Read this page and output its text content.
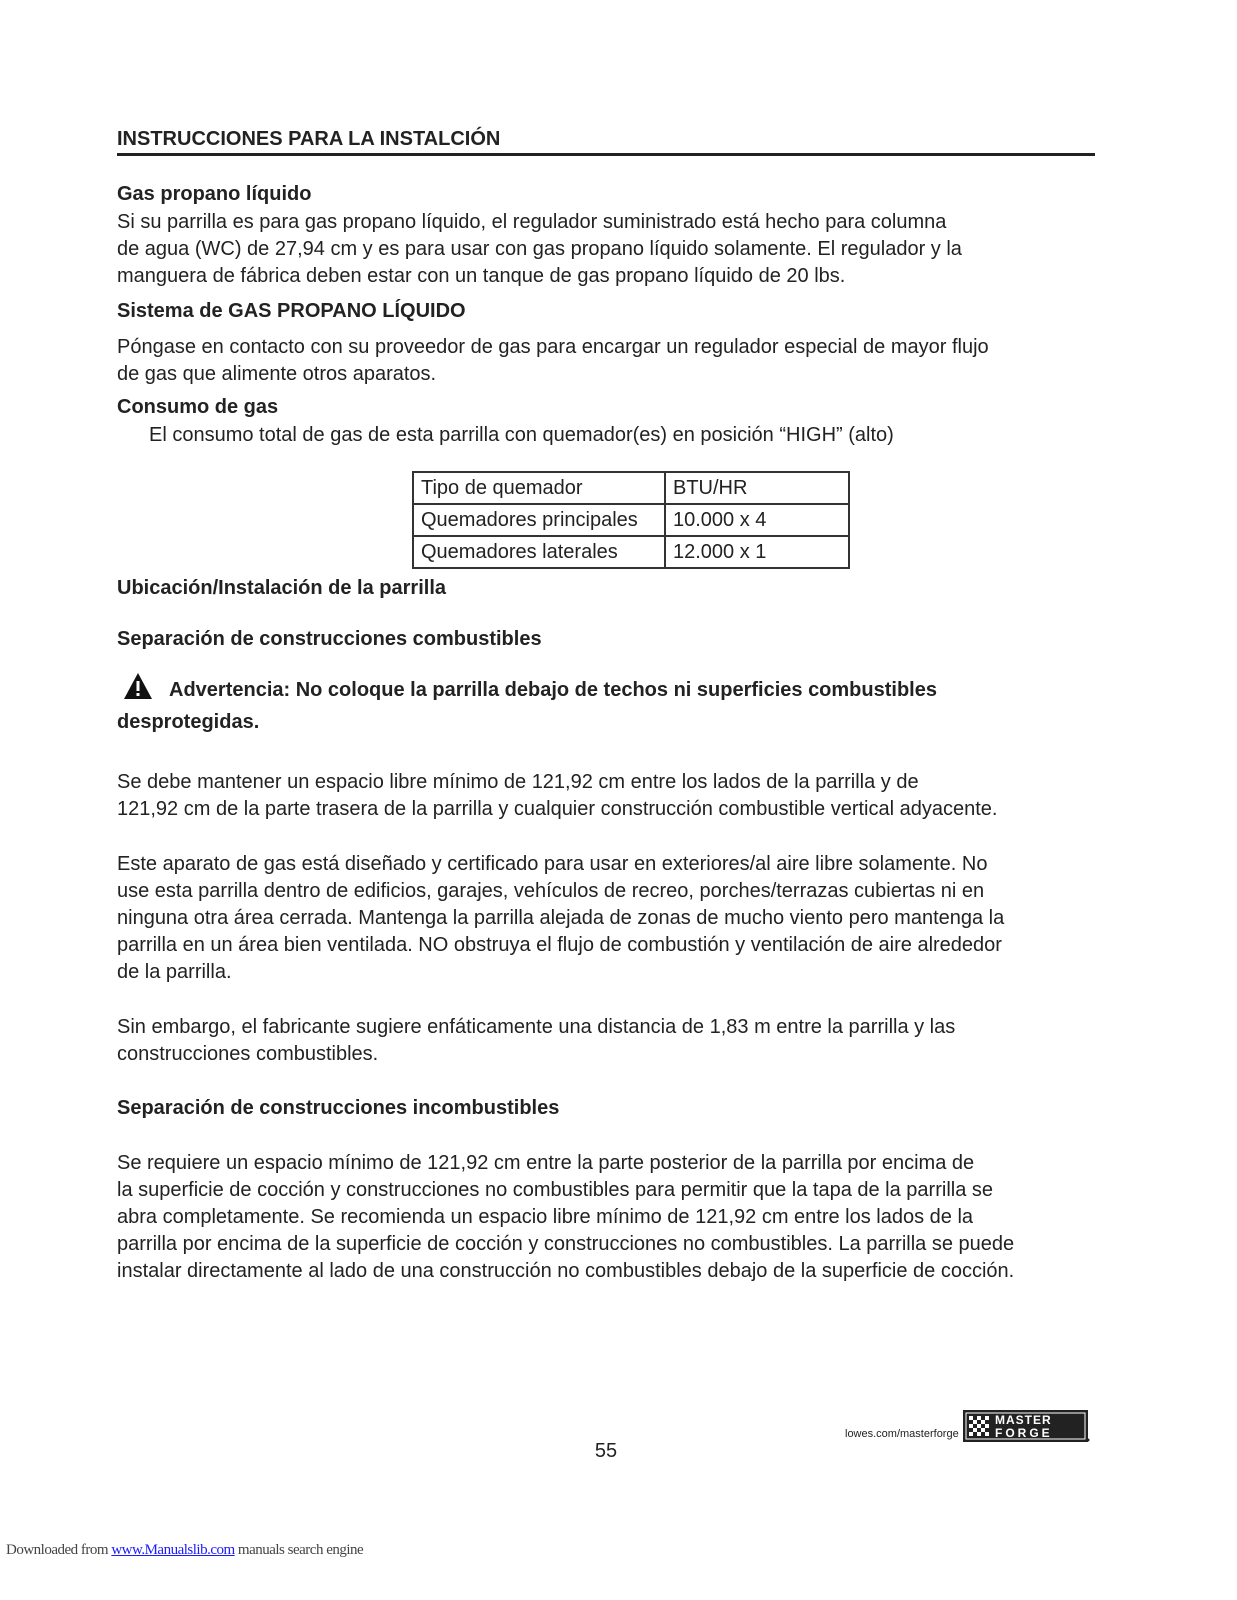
INSTRUCCIONES PARA LA INSTALCIÓN
Gas propano líquido
Si su parrilla es para gas propano líquido, el regulador suministrado está hecho para columna
de agua (WC) de 27,94 cm y es para usar con gas propano líquido solamente. El regulador y la
manguera de fábrica deben estar con un tanque de gas propano líquido de 20 lbs.
Sistema de GAS PROPANO LÍQUIDO
Póngase en contacto con su proveedor de gas para encargar un regulador especial de mayor flujo
de gas que alimente otros aparatos.
Consumo de gas
El consumo total de gas de esta parrilla con quemador(es) en posición “HIGH” (alto)
Tipo de quemador	BTU/HR
Quemadores principales	10.000 x 4
Quemadores laterales	12.000 x 1
Ubicación/Instalación de la parrilla
Separación de construcciones combustibles
Advertencia: No coloque la parrilla debajo de techos ni superficies combustibles
desprotegidas.
Se debe mantener un espacio libre mínimo de 121,92 cm entre los lados de la parrilla y de
121,92 cm de la parte trasera de la parrilla y cualquier construcción combustible vertical adyacente.
Este aparato de gas está diseñado y certificado para usar en exteriores/al aire libre solamente. No
use esta parrilla dentro de edificios, garajes, vehículos de recreo, porches/terrazas cubiertas ni en
ninguna otra área cerrada. Mantenga la parrilla alejada de zonas de mucho viento pero mantenga la
parrilla en un área bien ventilada. NO obstruya el flujo de combustión y ventilación de aire alrededor
de la parrilla.
Sin embargo, el fabricante sugiere enfáticamente una distancia de 1,83 m entre la parrilla y las
construcciones combustibles.
Separación de construcciones incombustibles
Se requiere un espacio mínimo de 121,92 cm entre la parte posterior de la parrilla por encima de
la superficie de cocción y construcciones no combustibles para permitir que la tapa de la parrilla se
abra completamente. Se recomienda un espacio libre mínimo de 121,92 cm entre los lados de la
parrilla por encima de la superficie de cocción y construcciones no combustibles. La parrilla se puede
instalar directamente al lado de una construcción no combustibles debajo de la superficie de cocción.
lowes.com/masterforge
MASTER
FORGE
55
Downloaded from www.Manualslib.com manuals search engine
